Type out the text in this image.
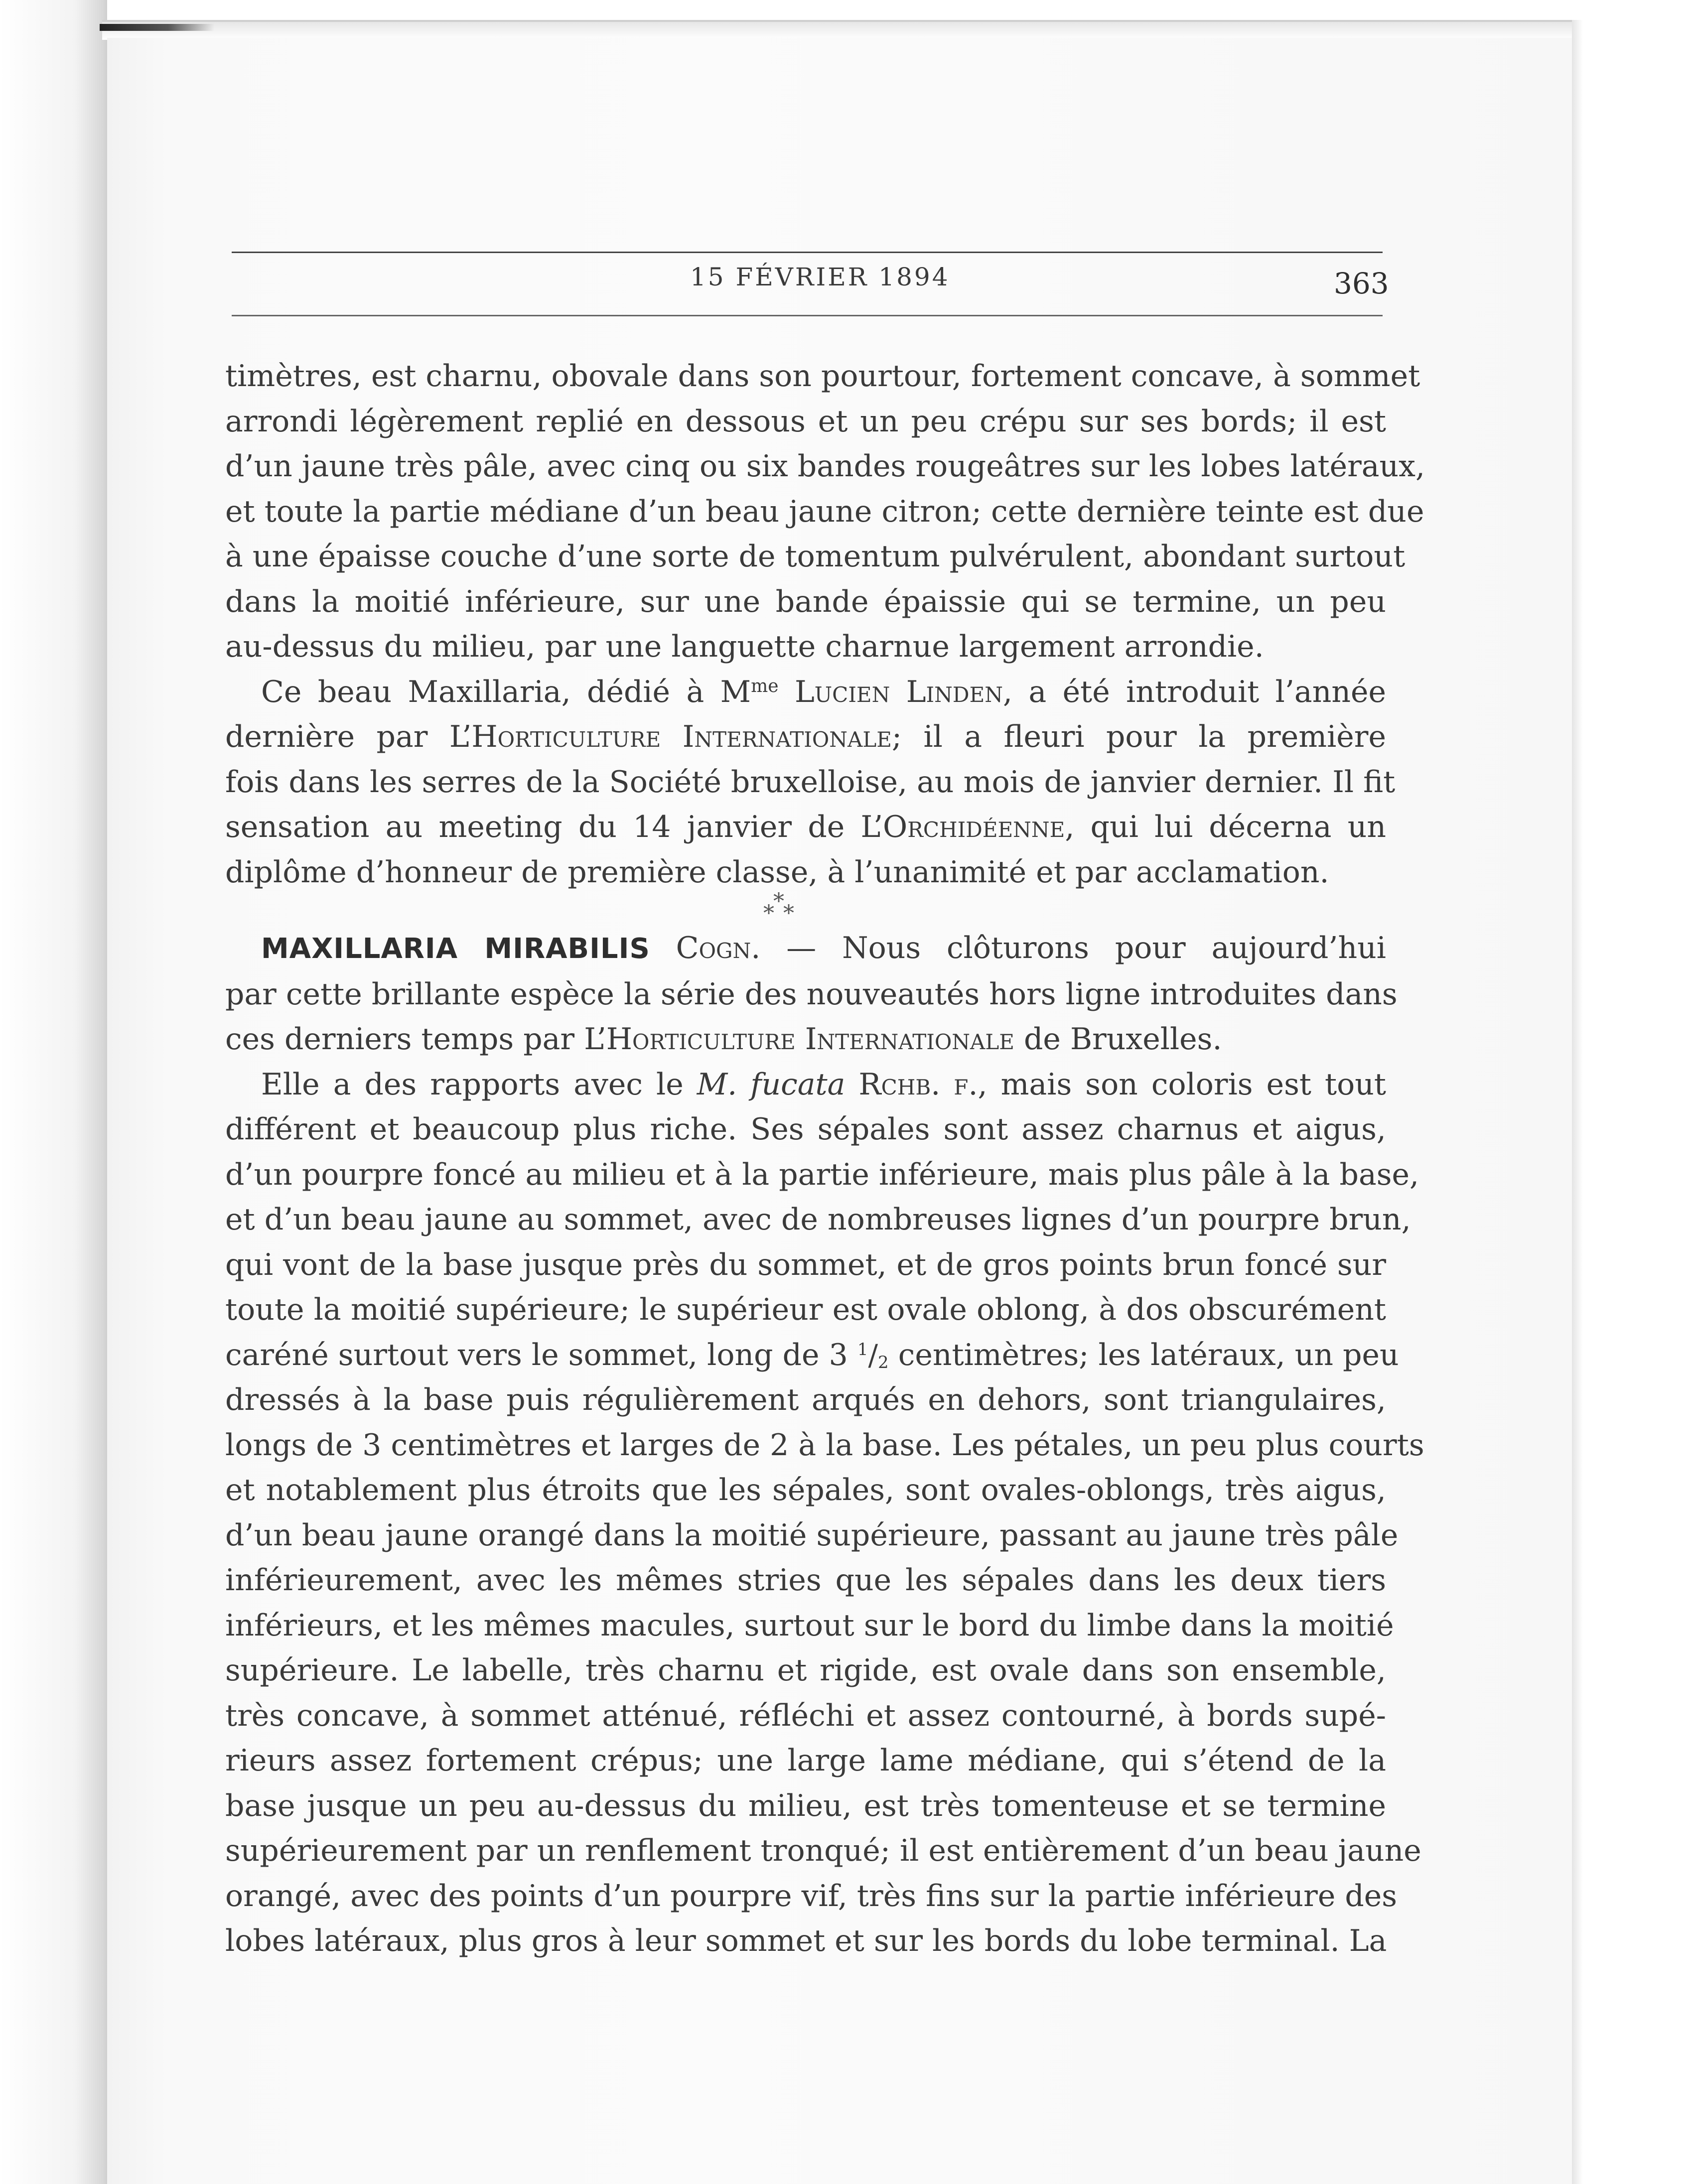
15 FÉVRIER 1894	363
timètres, est charnu, obovale dans son pourtour, fortement concave, à sommet
arrondi légèrement replié en dessous et un peu crépu sur ses bords; il est
d’un jaune très pâle, avec cinq ou six bandes rougeâtres sur les lobes latéraux,
et toute la partie médiane d’un beau jaune citron; cette dernière teinte est due
à une épaisse couche d’une sorte de tomentum pulvérulent, abondant surtout
dans la moitié inférieure, sur une bande épaissie qui se termine, un peu
au-dessus du milieu, par une languette charnue largement arrondie.
Ce beau Maxillaria, dédié à $M^{me}$ Lucien Linden, a été introduit l’année
dernière par L’Horticulture Internationale; il a fleuri pour la première
fois dans les serres de la Société bruxelloise, au mois de janvier dernier. Il fit
sensation au meeting du 14 janvier de L’Orchidéenne, qui lui décerna un
diplôme d’honneur de première classe, à l’unanimité et par acclamation.
*
* *
MAXILLARIA MIRABILIS Cogn. — Nous clôturons pour aujourd’hui
par cette brillante espèce la série des nouveautés hors ligne introduites dans
ces derniers temps par L’Horticulture Internationale de Bruxelles.
Elle a des rapports avec le M. fucata Rchb. f., mais son coloris est tout
différent et beaucoup plus riche. Ses sépales sont assez charnus et aigus,
d’un pourpre foncé au milieu et à la partie inférieure, mais plus pâle à la base,
et d’un beau jaune au sommet, avec de nombreuses lignes d’un pourpre brun,
qui vont de la base jusque près du sommet, et de gros points brun foncé sur
toute la moitié supérieure; le supérieur est ovale oblong, à dos obscurément
caréné surtout vers le sommet, long de 3 $^1/_2$ centimètres; les latéraux, un peu
dressés à la base puis régulièrement arqués en dehors, sont triangulaires,
longs de 3 centimètres et larges de 2 à la base. Les pétales, un peu plus courts
et notablement plus étroits que les sépales, sont ovales-oblongs, très aigus,
d’un beau jaune orangé dans la moitié supérieure, passant au jaune très pâle
inférieurement, avec les mêmes stries que les sépales dans les deux tiers
inférieurs, et les mêmes macules, surtout sur le bord du limbe dans la moitié
supérieure. Le labelle, très charnu et rigide, est ovale dans son ensemble,
très concave, à sommet atténué, réfléchi et assez contourné, à bords supé-
rieurs assez fortement crépus; une large lame médiane, qui s’étend de la
base jusque un peu au-dessus du milieu, est très tomenteuse et se termine
supérieurement par un renflement tronqué; il est entièrement d’un beau jaune
orangé, avec des points d’un pourpre vif, très fins sur la partie inférieure des
lobes latéraux, plus gros à leur sommet et sur les bords du lobe terminal. La
